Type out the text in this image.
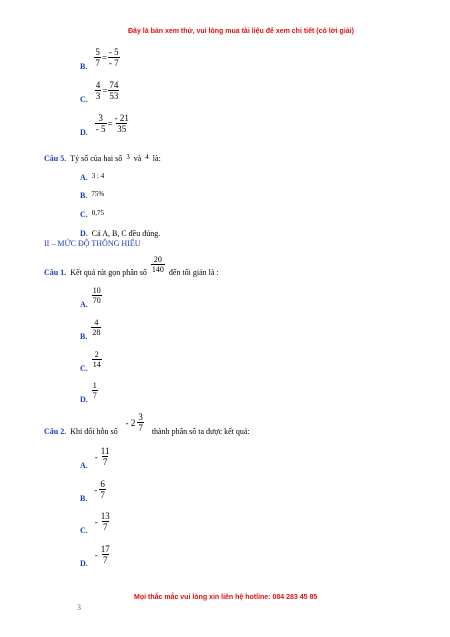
Đây là bản xem thử, vui lòng mua tài liệu để xem chi tiết (có lời giải)
$_{B.} \frac{5}{7} = \frac{- 5}{- 7}$
$_{C.} \frac{4}{3} = \frac{74}{53}$
$_{D.} \frac{3}{- 5} = \frac{- 21}{35}$
Câu 5. Tỷ số của hai số 3 và 4 là:
A. 3 : 4
B. 75%
C. 0,75
D. Cả A, B, C đều đúng.
II – MỨC ĐỘ THÔNG HIỂU
$_{Câu 1.}$ $_{Kết quả rút gọn phân số} \frac{20}{140} _{đến tối giản là :}$
$_{A.} \frac{10}{70}$
$_{B.} \frac{4}{28}$
$_{C.} \frac{2}{14}$
$_{D.} \frac{1}{7}$
$_{Câu 2.}$ $_{Khi đổi hỗn số} - 2 \frac{3}{7} _{thành phân số ta được kết quả:}$
$_{A.} - \frac{11}{7}$
$_{B.} - \frac{6}{7}$
$_{C.} - \frac{13}{7}$
$_{D.} - \frac{17}{7}$
Mọi thắc mắc vui lòng xin liên hệ hotline: 084 283 45 85
3
